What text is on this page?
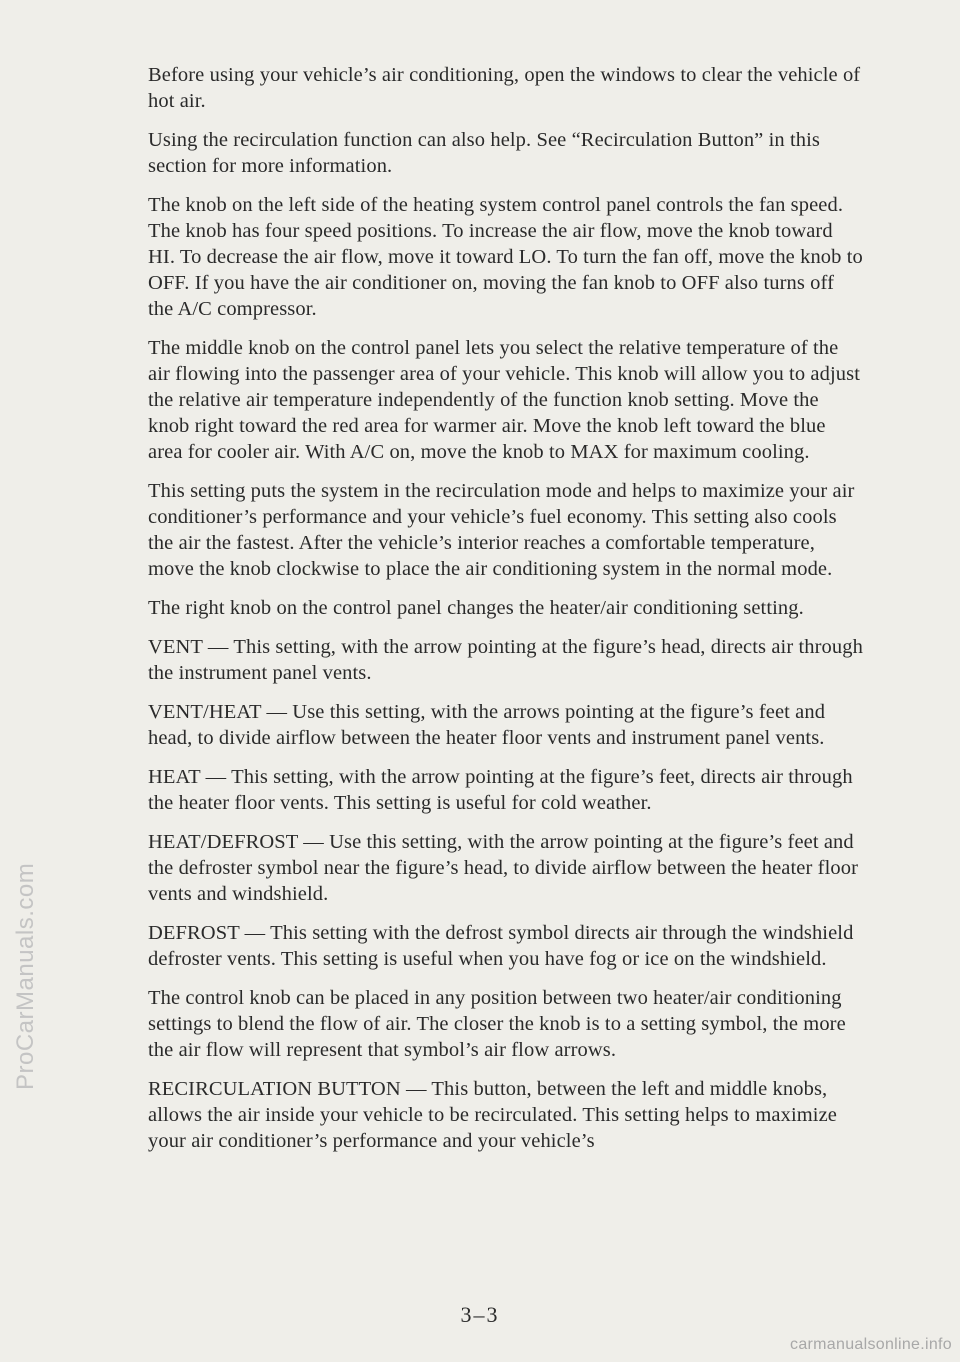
ProCarManuals.com

Before using your vehicle’s air conditioning, open the windows to clear the vehicle of hot air.

Using the recirculation function can also help. See “Recirculation Button” in this section for more information.

The knob on the left side of the heating system control panel controls the fan speed. The knob has four speed positions. To increase the air flow, move the knob toward HI. To decrease the air flow, move it toward LO. To turn the fan off, move the knob to OFF. If you have the air conditioner on, moving the fan knob to OFF also turns off the A/C compressor.

The middle knob on the control panel lets you select the relative temperature of the air flowing into the passenger area of your vehicle. This knob will allow you to adjust the relative air temperature independently of the function knob setting. Move the knob right toward the red area for warmer air. Move the knob left toward the blue area for cooler air. With A/C on, move the knob to MAX for maximum cooling.

This setting puts the system in the recirculation mode and helps to maximize your air conditioner’s performance and your vehicle’s fuel economy. This setting also cools the air the fastest. After the vehicle’s interior reaches a comfortable temperature, move the knob clockwise to place the air conditioning system in the normal mode.

The right knob on the control panel changes the heater/air conditioning setting.

VENT — This setting, with the arrow pointing at the figure’s head, directs air through the instrument panel vents.

VENT/HEAT — Use this setting, with the arrows pointing at the figure’s feet and head, to divide airflow between the heater floor vents and instrument panel vents.

HEAT — This setting, with the arrow pointing at the figure’s feet, directs air through the heater floor vents. This setting is useful for cold weather.

HEAT/DEFROST — Use this setting, with the arrow pointing at the figure’s feet and the defroster symbol near the figure’s head, to divide airflow between the heater floor vents and windshield.

DEFROST — This setting with the defrost symbol directs air through the windshield defroster vents. This setting is useful when you have fog or ice on the windshield.

The control knob can be placed in any position between two heater/air conditioning settings to blend the flow of air. The closer the knob is to a setting symbol, the more the air flow will represent that symbol’s air flow arrows.

RECIRCULATION BUTTON — This button, between the left and middle knobs, allows the air inside your vehicle to be recirculated. This setting helps to maximize your air conditioner’s performance and your vehicle’s

3–3
carmanualsonline.info
